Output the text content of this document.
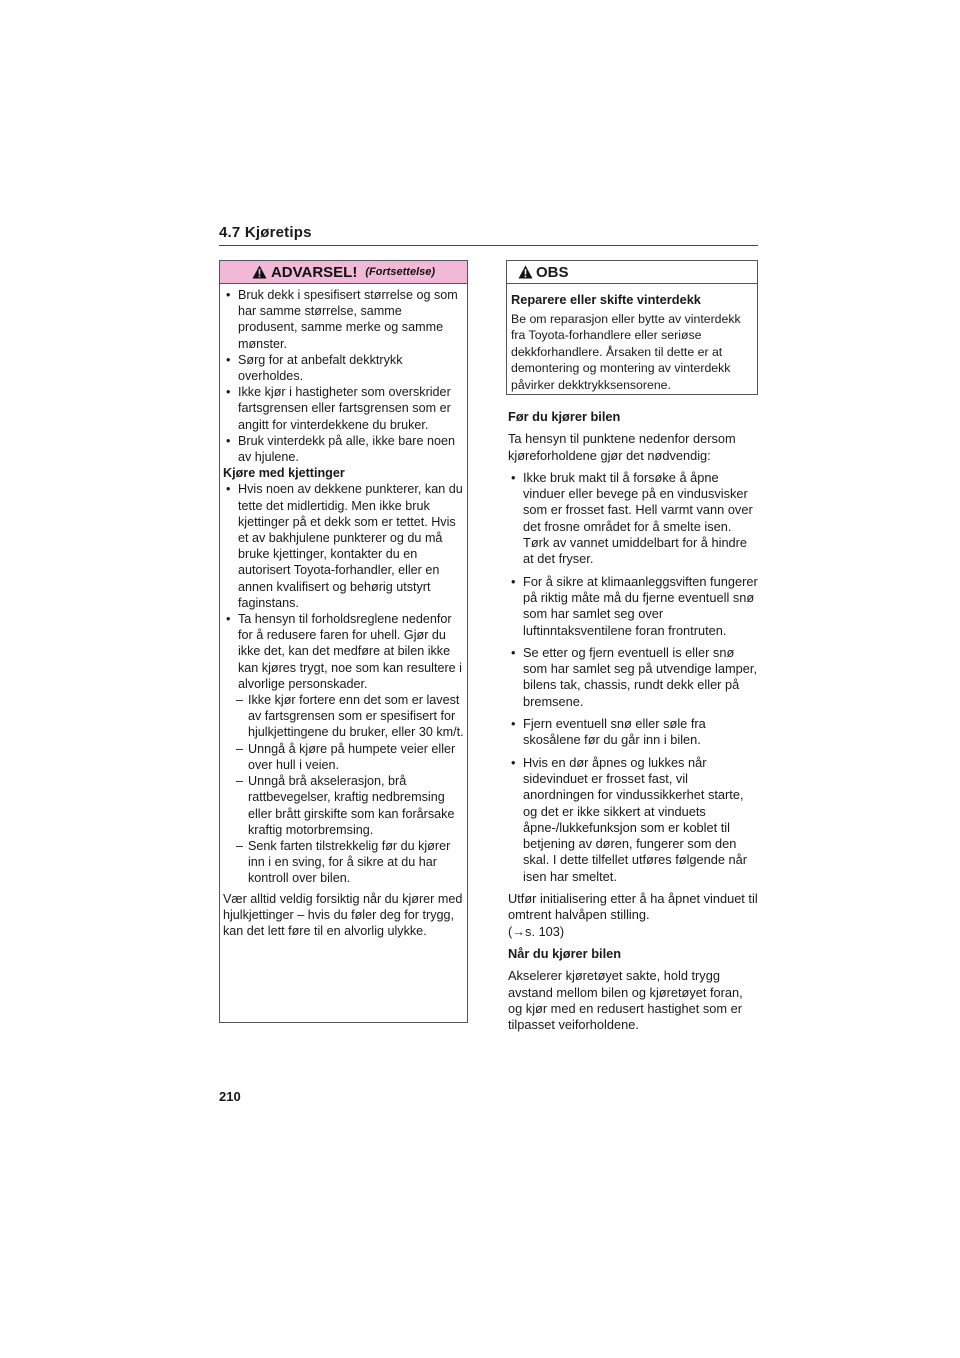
4.7 Kjøretips
ADVARSEL! (Fortsettelse)
• Bruk dekk i spesifisert størrelse og som har samme størrelse, samme produsent, samme merke og samme mønster.
• Sørg for at anbefalt dekktrykk overholdes.
• Ikke kjør i hastigheter som overskrider fartsgrensen eller fartsgrensen som er angitt for vinterdekkene du bruker.
• Bruk vinterdekk på alle, ikke bare noen av hjulene.
Kjøre med kjettinger
• Hvis noen av dekkene punkterer, kan du tette det midlertidig. Men ikke bruk kjettinger på et dekk som er tettet. Hvis et av bakhjulene punkterer og du må bruke kjettinger, kontakter du en autorisert Toyota-forhandler, eller en annen kvalifisert og behørig utstyrt faginstans.
• Ta hensyn til forholdsreglene nedenfor for å redusere faren for uhell. Gjør du ikke det, kan det medføre at bilen ikke kan kjøres trygt, noe som kan resultere i alvorlige personskader.
– Ikke kjør fortere enn det som er lavest av fartsgrensen som er spesifisert for hjulkjettingene du bruker, eller 30 km/t.
– Unngå å kjøre på humpete veier eller over hull i veien.
– Unngå brå akselerasjon, brå rattbevegelser, kraftig nedbremsing eller brått girskifte som kan forårsake kraftig motorbremsing.
– Senk farten tilstrekkelig før du kjører inn i en sving, for å sikre at du har kontroll over bilen.
Vær alltid veldig forsiktig når du kjører med hjulkjettinger – hvis du føler deg for trygg, kan det lett føre til en alvorlig ulykke.
OBS
Reparere eller skifte vinterdekk
Be om reparasjon eller bytte av vinterdekk fra Toyota-forhandlere eller seriøse dekkforhandlere. Årsaken til dette er at demontering og montering av vinterdekk påvirker dekktrykksensorene.
Før du kjører bilen

Ta hensyn til punktene nedenfor dersom kjøreforholdene gjør det nødvendig:

• Ikke bruk makt til å forsøke å åpne vinduer eller bevege på en vindusvisker som er frosset fast. Hell varmt vann over det frosne området for å smelte isen. Tørk av vannet umiddelbart for å hindre at det fryser.
• For å sikre at klimaanleggsviften fungerer på riktig måte må du fjerne eventuell snø som har samlet seg over luftinntaksventilene foran frontruten.
• Se etter og fjern eventuell is eller snø som har samlet seg på utvendige lamper, bilens tak, chassis, rundt dekk eller på bremsene.
• Fjern eventuell snø eller søle fra skosålene før du går inn i bilen.
• Hvis en dør åpnes og lukkes når sidevinduet er frosset fast, vil anordningen for vindussikkerhet starte, og det er ikke sikkert at vinduets åpne-/lukkefunksjon som er koblet til betjening av døren, fungerer som den skal. I dette tilfellet utføres følgende når isen har smeltet.

Utfør initialisering etter å ha åpnet vinduet til omtrent halvåpen stilling.
(→s. 103)

Når du kjører bilen

Akselerer kjøretøyet sakte, hold trygg avstand mellom bilen og kjøretøyet foran, og kjør med en redusert hastighet som er tilpasset veiforholdene.

210
